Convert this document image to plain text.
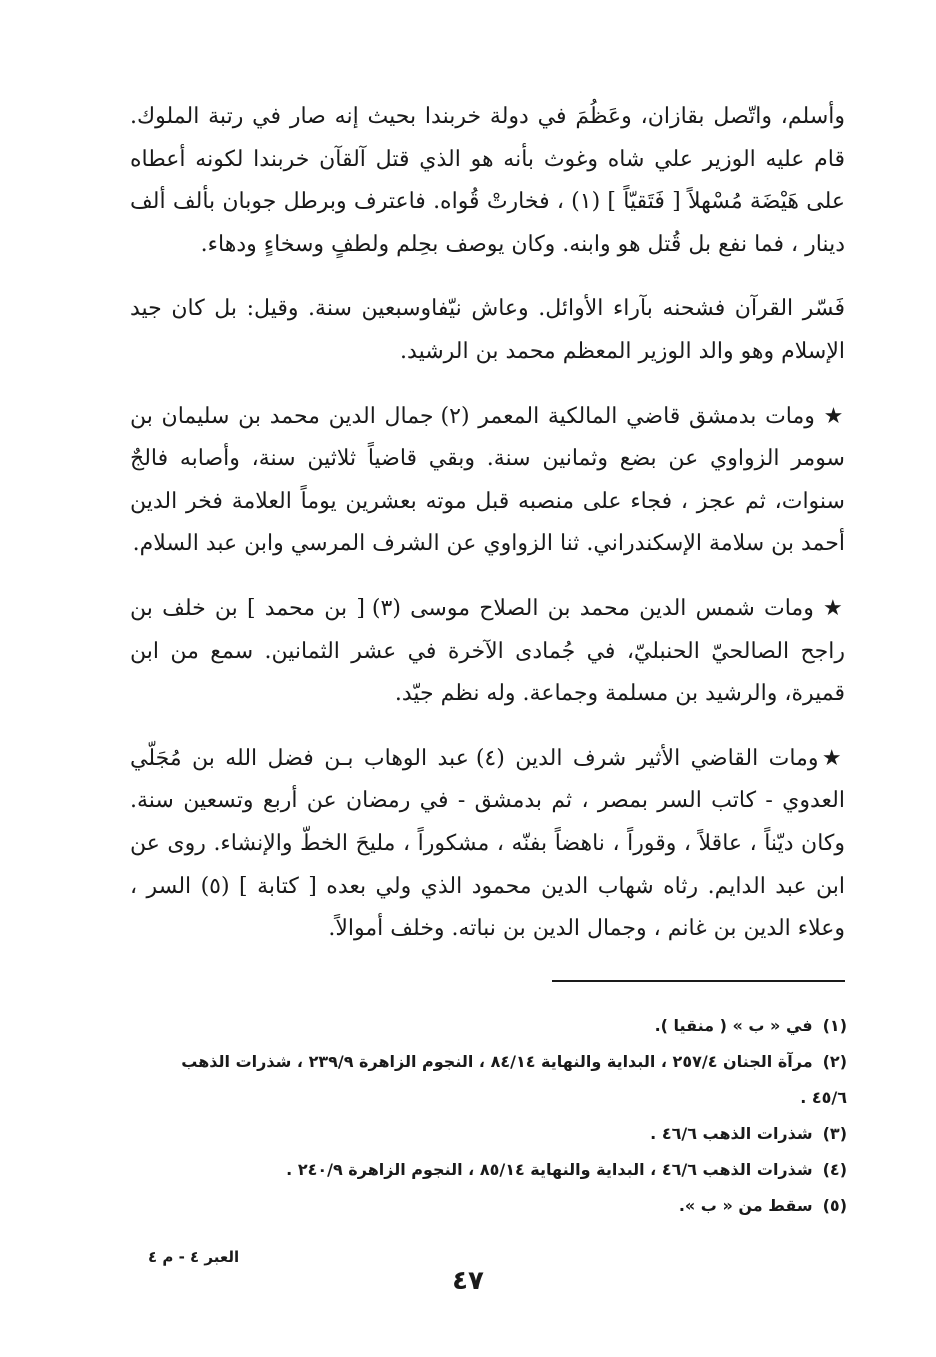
وأسلم، واتّصل بقازان، وعَظُمَ في دولة خربندا بحيث إنه صار في رتبة الملوك. قام عليه الوزير علي شاه وغوث بأنه هو الذي قتل آلقآن خربندا لكونه أعطاه على هَيْضَة مُسْهلاً [ فَتَقيّاً ] (١) ، فخارتْ قُواه. فاعترف وبرطل جوبان بألف ألف دينار ، فما نفع بل قُتل هو وابنه. وكان يوصف بحِلم ولطفٍ وسخاءٍ ودهاء.

فَسّر القرآن فشحنه بآراء الأوائل. وعاش نيّفاوسبعين سنة. وقيل: بل كان جيد الإسلام وهو والد الوزير المعظم محمد بن الرشيد.

★ ومات بدمشق قاضي المالكية المعمر (٢) جمال الدين محمد بن سليمان بن سومر الزواوي عن بضع وثمانين سنة. وبقي قاضياً ثلاثين سنة، وأصابه فالجٌ سنوات، ثم عجز ، فجاء على منصبه قبل موته بعشرين يوماً العلامة فخر الدين أحمد بن سلامة الإسكندراني. ثنا الزواوي عن الشرف المرسي وابن عبد السلام.

★ ومات شمس الدين محمد بن الصلاح موسى (٣) [ بن محمد ] بن خلف بن راجح الصالحيّ الحنبليّ، في جُمادى الآخرة في عشر الثمانين. سمع من ابن قميرة، والرشيد بن مسلمة وجماعة. وله نظم جيّد.

★ومات القاضي الأثير شرف الدين (٤) عبد الوهاب بـن فضل الله بن مُجَلّي العدوي - كاتب السر بمصر ، ثم بدمشق - في رمضان عن أربع وتسعين سنة. وكان ديّناً ، عاقلاً ، وقوراً ، ناهضاً بفنّه ، مشكوراً ، مليحَ الخطّ والإنشاء. روى عن ابن عبد الدايم. رثاه شهاب الدين محمود الذي ولي بعده [ كتابة ] (٥) السر ، وعلاء الدين بن غانم ، وجمال الدين بن نباته. وخلف أموالاً.

(١)في « ب » ( منقيا ).

(٢)مرآة الجنان ٢٥٧/٤ ، البداية والنهاية ٨٤/١٤ ، النجوم الزاهرة ٢٣٩/٩ ، شذرات الذهب ٤٥/٦ .

(٣)شذرات الذهب ٤٦/٦ .

(٤)شذرات الذهب ٤٦/٦ ، البداية والنهاية ٨٥/١٤ ، النجوم الزاهرة ٢٤٠/٩ .

(٥)سقط من « ب ».

العبر ٤ - م ٤
٤٧
